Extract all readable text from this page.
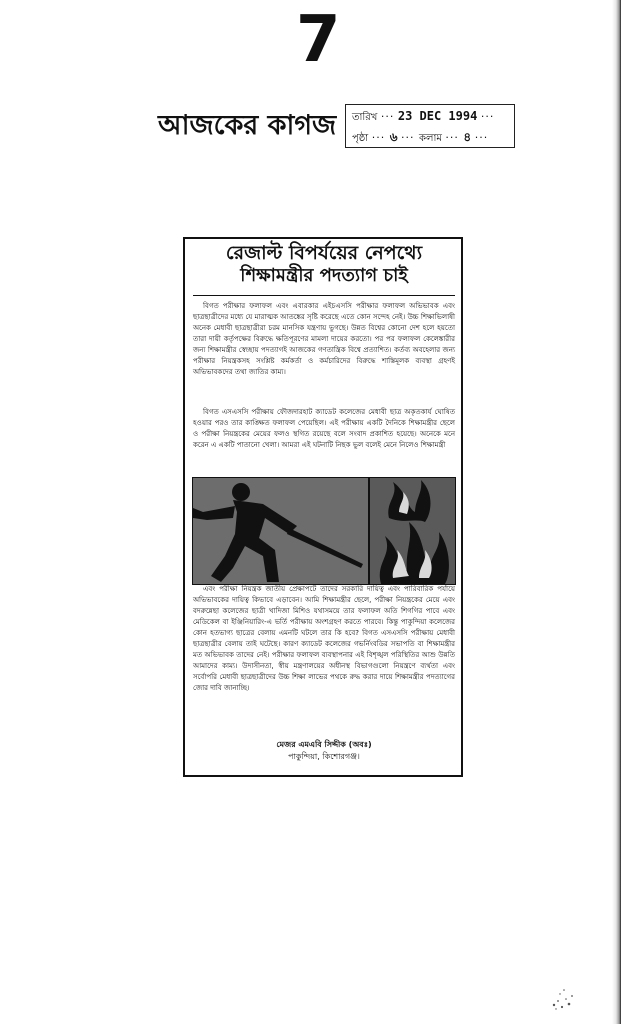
7
আজকের কাগজ তারিখ ··· 23 DEC 1994 ···
পৃষ্ঠা ··· ৬ ··· কলাম ··· ৪ ···
রেজাল্ট বিপর্যয়ের নেপথ্যে
শিক্ষামন্ত্রীর পদত্যাগ চাই

বিগত পরীক্ষার ফলাফল এবং এবারকার এইচএসসি পরীক্ষার ফলাফল অভিভাবক এবং ছাত্রছাত্রীদের মধ্যে যে মারাত্মক আতঙ্কের সৃষ্টি করেছে এতে কোন সন্দেহ নেই। উচ্চ শিক্ষাভিলাষী অনেক মেধাবী ছাত্রছাত্রীরা চরম মানসিক যন্ত্রণায় ভুগছে। উন্নত বিশ্বের কোনো দেশ হলে হয়তো তারা দায়ী কর্তৃপক্ষের বিরুদ্ধে ক্ষতিপূরণের মামলা দায়ের করতো। পর পর ফলাফল কেলেঙ্কারীর জন্য শিক্ষামন্ত্রীর স্বেচ্ছায় পদত্যাগই আজকের গণতান্ত্রিক বিশ্বে প্রত্যাশিত। কর্তব্য অবহেলার জন্য পরীক্ষার নিয়ন্ত্রকসহ সংশ্লিষ্ট কর্মকর্তা ও কর্মচারিদের বিরুদ্ধে শাস্তিমূলক ব্যবস্থা গ্রহণই অভিভাবকদের তথা জাতির কাম্য।

বিগত এসএসসি পরীক্ষায় ফৌজদারহাট ক্যাডেট কলেজের মেধাবী ছাত্র অকৃতকার্য ঘোষিত হওয়ার পরও তার কাঙ্ক্ষিত ফলাফল পেয়েছিল। এই পরীক্ষায় একটি দৈনিকে শিক্ষামন্ত্রীর ছেলে ও পরীক্ষা নিয়ন্ত্রকের মেয়ের ফলও স্থগিত রয়েছে বলে সংবাদ প্রকাশিত হয়েছে। অনেকে মনে করেন এ একটি পাতানো খেলা। আমরা এই ঘটনাটি নিছক ভুল বলেই মেনে নিলেও শিক্ষামন্ত্রী

এবং পরীক্ষা নিয়ন্ত্রক জাতীয় প্রেক্ষাপটে তাদের সরকারি দায়িত্ব এবং পারিবারিক পর্যায়ে অভিভাবকের দায়িত্ব কিভাবে এড়াবেন। আমি শিক্ষামন্ত্রীর ছেলে, পরীক্ষা নিয়ন্ত্রকের মেয়ে এবং বদরুন্নেছা কলেজের ছাত্রী খাদিজা মিশিও যথাসময়ে তার ফলাফল অতি শিগগির পাবে এবং মেডিকেল বা ইঞ্জিনিয়ারিং-এ ভর্তি পরীক্ষায় অংশগ্রহণ করতে পারবে। কিন্তু পাকুন্দিয়া কলেজের কোন হতভাগ্য ছাত্রের বেলায় এমনটি ঘটলে তার কি হবে? বিগত এসএসসি পরীক্ষায় মেধাবী ছাত্রছাত্রীর বেলায় তাই ঘটেছে। কারণ ক্যাডেট কলেজের গভর্নিংবডির সভাপতি বা শিক্ষামন্ত্রীর মত অভিভাবক তাদের নেই। পরীক্ষার ফলাফল ব্যবস্থাপনার এই বিশৃঙ্খল পরিস্থিতির আশু উন্নতি আমাদের কাম্য। উদাসীনতা, স্বীয় মন্ত্রণালয়ের অধীনস্থ বিভাগগুলো নিয়ন্ত্রণে ব্যর্থতা এবং সর্বোপরি মেধাবী ছাত্রছাত্রীদের উচ্চ শিক্ষা লাভের পথকে রুদ্ধ করার দায়ে শিক্ষামন্ত্রীর পদত্যাগের জোর দাবি জানাচ্ছি।

মেজর এমএবি সিদ্দীক (অবঃ)
পাকুন্দিয়া, কিশোরগঞ্জ।
